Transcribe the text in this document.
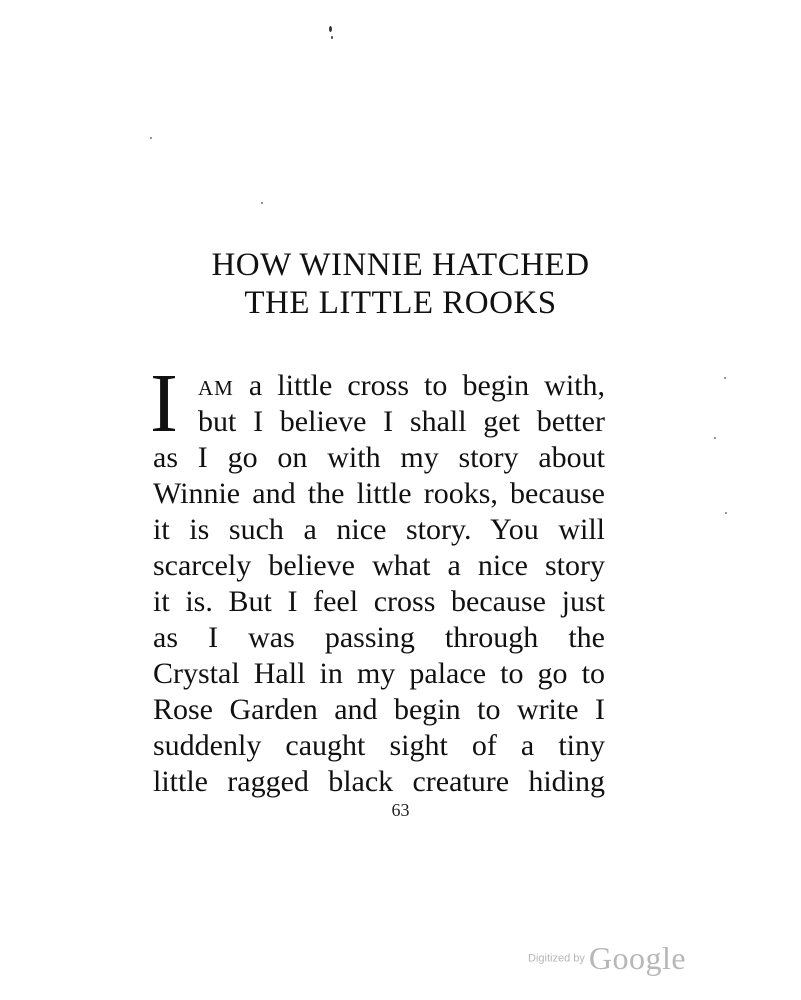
HOW WINNIE HATCHED
THE LITTLE ROOKS
I AM a little cross to begin with,
but I believe I shall get better
as I go on with my story about
Winnie and the little rooks, because
it is such a nice story. You will
scarcely believe what a nice story
it is. But I feel cross because just
as I was passing through the
Crystal Hall in my palace to go to
Rose Garden and begin to write I
suddenly caught sight of a tiny
little ragged black creature hiding
63
Digitized by Google
